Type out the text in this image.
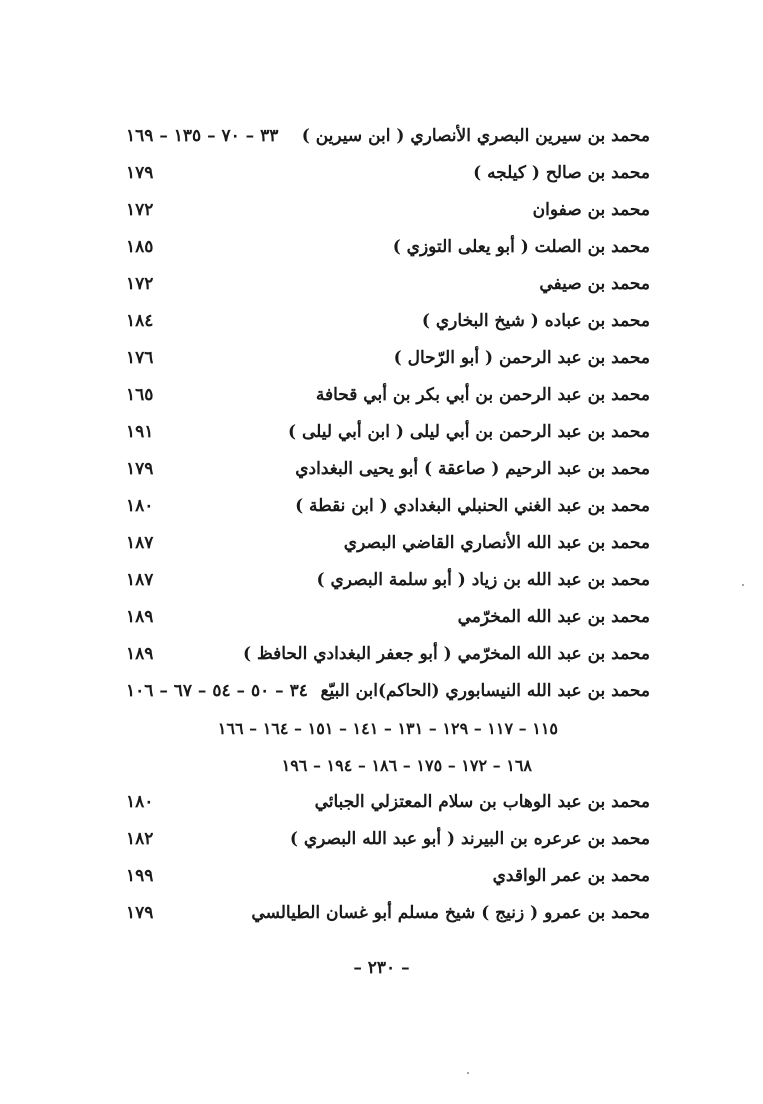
محمد بن سيرين البصري الأنصاري ( ابن سيرين )
٣٣ – ٧٠ – ١٣٥ – ١٦٩
محمد بن صالح ( كيلجه )
١٧٩
محمد بن صفوان
١٧٢
محمد بن الصلت ( أبو يعلى التوزي )
١٨٥
محمد بن صيفي
١٧٢
محمد بن عباده ( شيخ البخاري )
١٨٤
محمد بن عبد الرحمن ( أبو الرّحال )
١٧٦
محمد بن عبد الرحمن بن أبي بكر بن أبي قحافة
١٦٥
محمد بن عبد الرحمن بن أبي ليلى ( ابن أبي ليلى )
١٩١
محمد بن عبد الرحيم ( صاعقة ) أبو يحيى البغدادي
١٧٩
محمد بن عبد الغني الحنبلي البغدادي ( ابن نقطة )
١٨٠
محمد بن عبد الله الأنصاري القاضي البصري
١٨٧
محمد بن عبد الله بن زياد ( أبو سلمة البصري )
١٨٧
محمد بن عبد الله المخرّمي
١٨٩
محمد بن عبد الله المخرّمي ( أبو جعفر البغدادي الحافظ )
١٨٩
محمد بن عبد الله النيسابوري (الحاكم)ابن البيّع
٣٤ – ٥٠ – ٥٤ – ٦٧ – ١٠٦
١١٥ – ١١٧ – ١٢٩ – ١٣١ – ١٤١ – ١٥١ – ١٦٤ – ١٦٦
١٦٨ – ١٧٢ – ١٧٥ – ١٨٦ – ١٩٤ – ١٩٦
محمد بن عبد الوهاب بن سلام المعتزلي الجبائي
١٨٠
محمد بن عرعره بن البيرند ( أبو عبد الله البصري )
١٨٢
محمد بن عمر الواقدي
١٩٩
محمد بن عمرو ( زنيج ) شيخ مسلم أبو غسان الطيالسي
١٧٩
– ٢٣٠ –
